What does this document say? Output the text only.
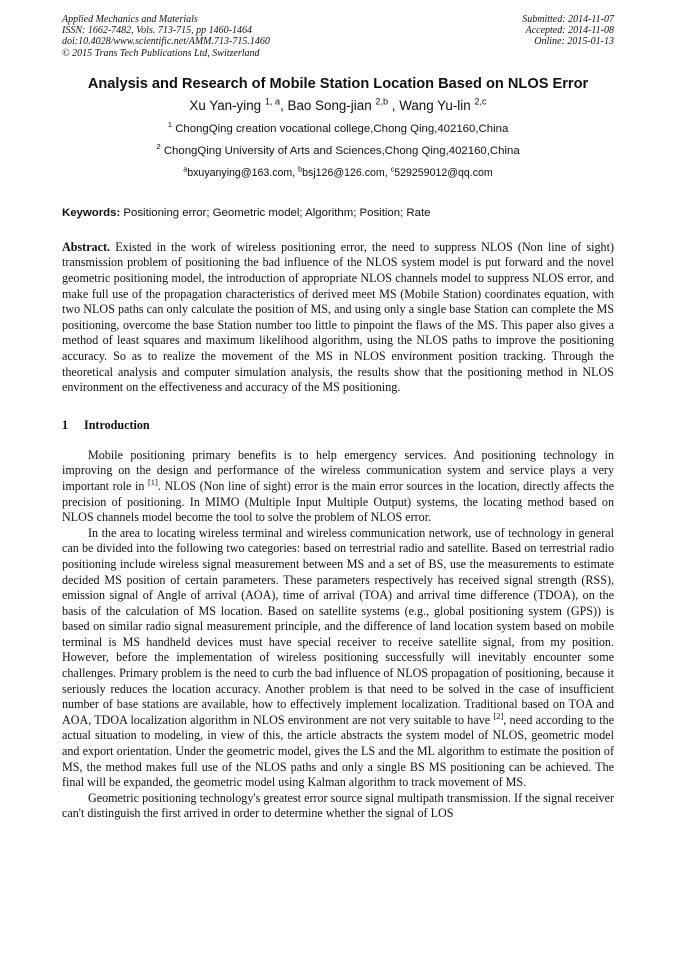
Applied Mechanics and Materials
ISSN: 1662-7482, Vols. 713-715, pp 1460-1464
doi:10.4028/www.scientific.net/AMM.713-715.1460
© 2015 Trans Tech Publications Ltd, Switzerland
Submitted: 2014-11-07
Accepted: 2014-11-08
Online: 2015-01-13
Analysis and Research of Mobile Station Location Based on NLOS Error
Xu Yan-ying $^{1, a}$, Bao Song-jian $^{2,b}$ , Wang Yu-lin $^{2,c}$
$^1$ ChongQing creation vocational college,Chong Qing,402160,China
$^2$ ChongQing University of Arts and Sciences,Chong Qing,402160,China
$^a$bxuyanying@163.com, $^b$bsj126@126.com, $^c$529259012@qq.com
Keywords: Positioning error; Geometric model; Algorithm; Position; Rate

Abstract. Existed in the work of wireless positioning error, the need to suppress NLOS (Non line of sight) transmission problem of positioning the bad influence of the NLOS system model is put forward and the novel geometric positioning model, the introduction of appropriate NLOS channels model to suppress NLOS error, and make full use of the propagation characteristics of derived meet MS (Mobile Station) coordinates equation, with two NLOS paths can only calculate the position of MS, and using only a single base Station can complete the MS positioning, overcome the base Station number too little to pinpoint the flaws of the MS. This paper also gives a method of least squares and maximum likelihood algorithm, using the NLOS paths to improve the positioning accuracy. So as to realize the movement of the MS in NLOS environment position tracking. Through the theoretical analysis and computer simulation analysis, the results show that the positioning method in NLOS environment on the effectiveness and accuracy of the MS positioning.

1	Introduction

Mobile positioning primary benefits is to help emergency services. And positioning technology in improving on the design and performance of the wireless communication system and service plays a very important role in [1]. NLOS (Non line of sight) error is the main error sources in the location, directly affects the precision of positioning. In MIMO (Multiple Input Multiple Output) systems, the locating method based on NLOS channels model become the tool to solve the problem of NLOS error.

In the area to locating wireless terminal and wireless communication network, use of technology in general can be divided into the following two categories: based on terrestrial radio and satellite. Based on terrestrial radio positioning include wireless signal measurement between MS and a set of BS, use the measurements to estimate decided MS position of certain parameters. These parameters respectively has received signal strength (RSS), emission signal of Angle of arrival (AOA), time of arrival (TOA) and arrival time difference (TDOA), on the basis of the calculation of MS location. Based on satellite systems (e.g., global positioning system (GPS)) is based on similar radio signal measurement principle, and the difference of land location system based on mobile terminal is MS handheld devices must have special receiver to receive satellite signal, from my position. However, before the implementation of wireless positioning successfully will inevitably encounter some challenges. Primary problem is the need to curb the bad influence of NLOS propagation of positioning, because it seriously reduces the location accuracy. Another problem is that need to be solved in the case of insufficient number of base stations are available, how to effectively implement localization. Traditional based on TOA and AOA, TDOA localization algorithm in NLOS environment are not very suitable to have [2], need according to the actual situation to modeling, in view of this, the article abstracts the system model of NLOS, geometric model and export orientation. Under the geometric model, gives the LS and the ML algorithm to estimate the position of MS, the method makes full use of the NLOS paths and only a single BS MS positioning can be achieved. The final will be expanded, the geometric model using Kalman algorithm to track movement of MS.

Geometric positioning technology's greatest error source signal multipath transmission. If the signal receiver can't distinguish the first arrived in order to determine whether the signal of LOS
